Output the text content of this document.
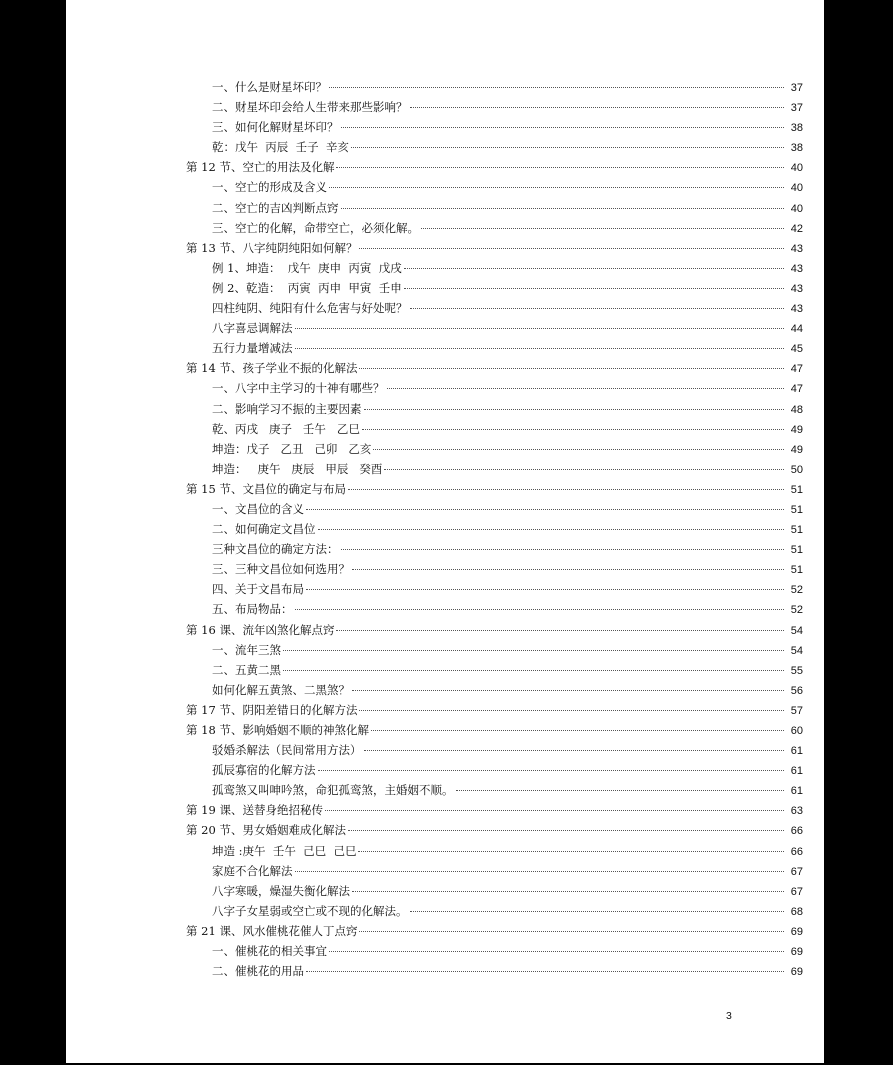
一、什么是财星坏印？	37
二、财星坏印会给人生带来那些影响？	37
三、如何化解财星坏印？	38
乾：戊午  丙辰  壬子  辛亥	38
第 12 节、空亡的用法及化解	40
一、空亡的形成及含义	40
二、空亡的吉凶判断点窍	40
三、空亡的化解，命带空亡，必须化解。	42
第 13 节、八字纯阴纯阳如何解？	43
例 1、坤造：  戊午  庚申  丙寅  戊戌	43
例 2、乾造：  丙寅  丙申  甲寅  壬申	43
四柱纯阴、纯阳有什么危害与好处呢？	43
八字喜忌调解法	44
五行力量增减法	45
第 14 节、孩子学业不振的化解法	47
一、八字中主学习的十神有哪些？	47
二、影响学习不振的主要因素	48
乾、丙戌   庚子   壬午   乙巳	49
坤造：戊子   乙丑   己卯   乙亥	49
坤造：   庚午   庚辰   甲辰   癸酉	50
第 15 节、文昌位的确定与布局	51
一、文昌位的含义	51
二、如何确定文昌位	51
三种文昌位的确定方法：	51
三、三种文昌位如何选用？	51
四、关于文昌布局	52
五、布局物品：	52
第 16 课、流年凶煞化解点窍	54
一、流年三煞	54
二、五黄二黑	55
如何化解五黄煞、二黑煞？	56
第 17 节、阴阳差错日的化解方法	57
第 18 节、影响婚姻不顺的神煞化解	60
驳婚杀解法（民间常用方法）	61
孤辰寡宿的化解方法	61
孤鸾煞又叫呻吟煞，命犯孤鸾煞，主婚姻不顺。	61
第 19 课、送替身绝招秘传	63
第 20 节、男女婚姻难成化解法	66
坤造 :庚午  壬午  己巳  己巳	66
家庭不合化解法	67
八字寒暖，燥湿失衡化解法	67
八字子女星弱或空亡或不现的化解法。	68
第 21 课、风水催桃花催人丁点窍	69
一、催桃花的相关事宜	69
二、催桃花的用品	69
3
